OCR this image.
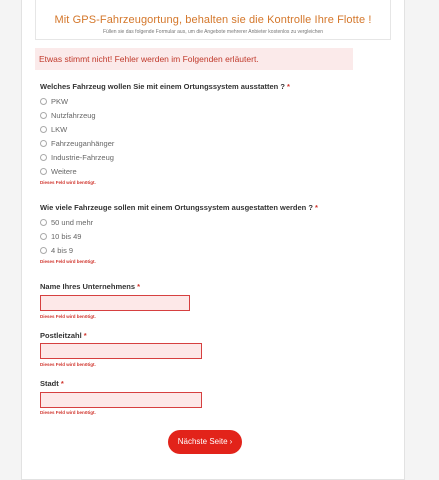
Mit GPS-Fahrzeugortung, behalten sie die Kontrolle Ihre Flotte !
Füllen sie das folgende Formular aus, um die Angebote mehrerer Anbieter kostenlos zu vergleichen
Etwas stimmt nicht! Fehler werden im Folgenden erläutert.
Welches Fahrzeug wollen Sie mit einem Ortungssystem ausstatten ? *
PKW
Nutzfahrzeug
LKW
Fahrzeuganhänger
Industrie-Fahrzeug
Weitere
Dieses Feld wird benötigt.
Wie viele Fahrzeuge sollen mit einem Ortungssystem ausgestatten werden ? *
50 und mehr
10 bis 49
4 bis 9
Dieses Feld wird benötigt.
Name Ihres Unternehmens *
Dieses Feld wird benötigt.
Postleitzahl *
Dieses Feld wird benötigt.
Stadt *
Dieses Feld wird benötigt.
Nächste Seite ›
